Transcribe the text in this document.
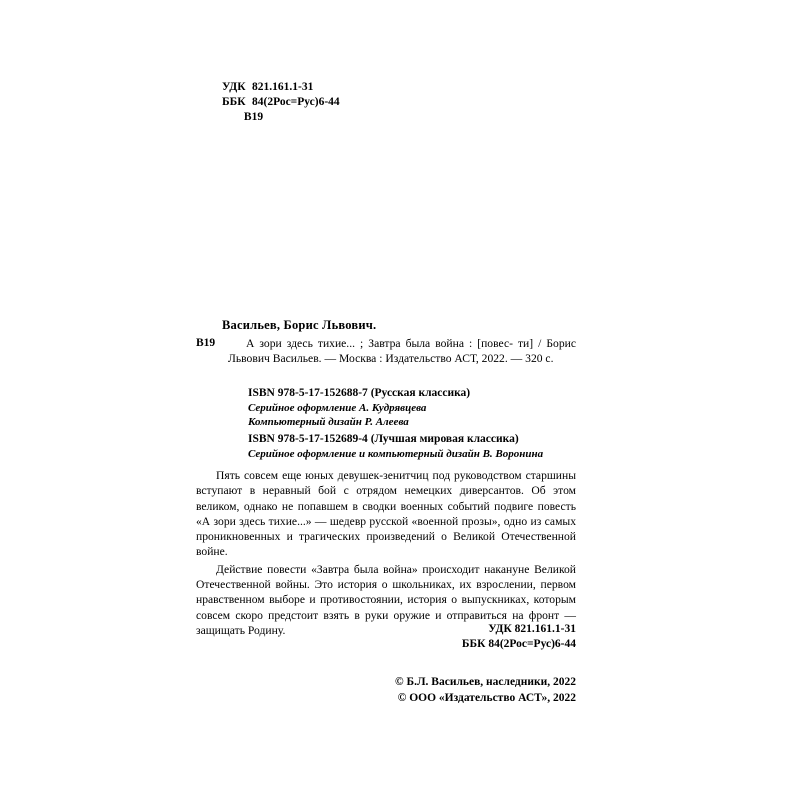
УДК 821.161.1-31
ББК 84(2Рос=Рус)6-44
В19
Васильев, Борис Львович.
В19	А зори здесь тихие... ; Завтра была война : [повес- ти] / Борис Львович Васильев. — Москва : Издательство АСТ, 2022. — 320 с.
ISBN 978-5-17-152688-7 (Русская классика)
Серийное оформление А. Кудрявцева
Компьютерный дизайн Р. Алеева
ISBN 978-5-17-152689-4 (Лучшая мировая классика)
Серийное оформление и компьютерный дизайн В. Воронина

Пять совсем еще юных девушек-зенитчиц под руководством старшины вступают в неравный бой с отрядом немецких диверсантов. Об этом великом, однако не попавшем в сводки военных событий подвиге повесть «А зори здесь тихие...» — шедевр русской «военной прозы», одно из самых проникновенных и трагических произведений о Великой Отечественной войне.

Действие повести «Завтра была война» происходит накануне Великой Отечественной войны. Это история о школьниках, их взрослении, первом нравственном выборе и противостоянии, история о выпускниках, которым совсем скоро предстоит взять в руки оружие и отправиться на фронт — защищать Родину.	УДК 821.161.1-31
ББК 84(2Рос=Рус)6-44
© Б.Л. Васильев, наследники, 2022
© ООО «Издательство АСТ», 2022
